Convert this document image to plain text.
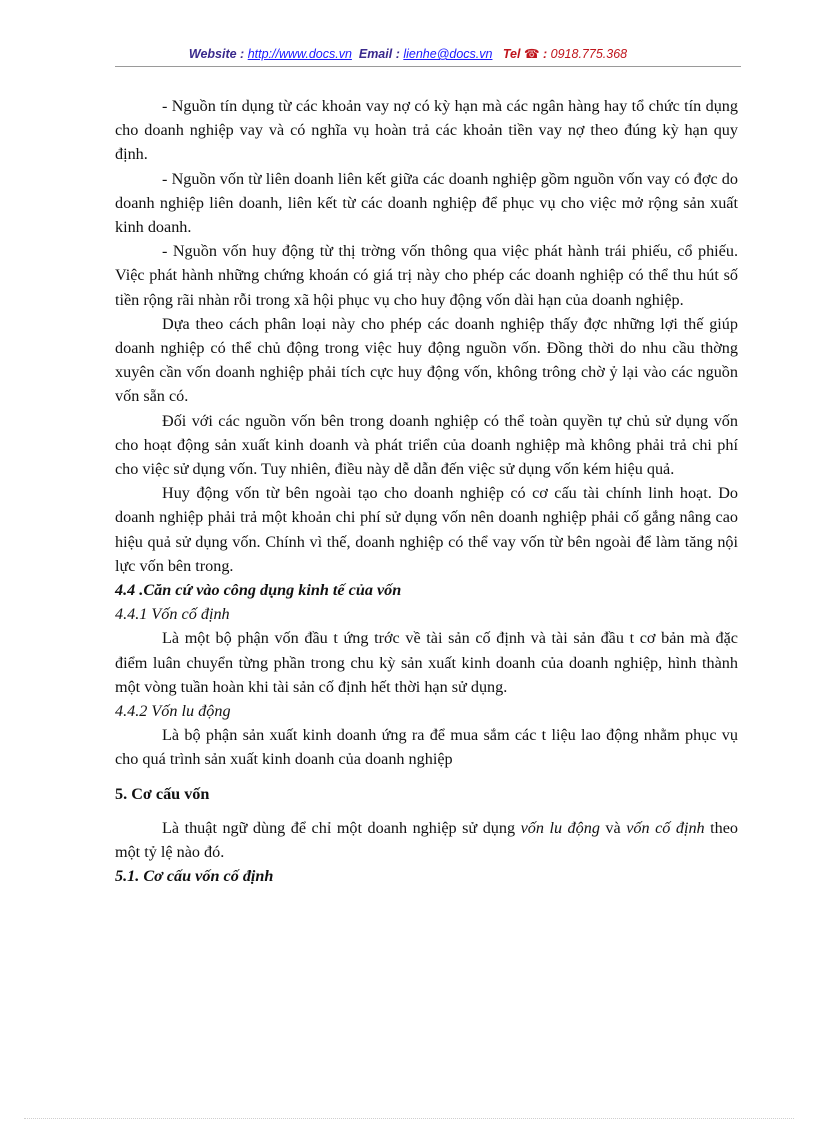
Website : http://www.docs.vn Email : lienhe@docs.vn Tel ☎ : 0918.775.368

- Nguồn tín dụng từ các khoản vay nợ có kỳ hạn mà các ngân hàng hay tổ chức tín dụng cho doanh nghiệp vay và có nghĩa vụ hoàn trả các khoản tiền vay nợ theo đúng kỳ hạn quy định.

- Nguồn vốn từ liên doanh liên kết giữa các doanh nghiệp gồm nguồn vốn vay có đợc do doanh nghiệp liên doanh, liên kết từ các doanh nghiệp để phục vụ cho việc mở rộng sản xuất kinh doanh.

- Nguồn vốn huy động từ thị trờng vốn thông qua việc phát hành trái phiếu, cổ phiếu. Việc phát hành những chứng khoán có giá trị này cho phép các doanh nghiệp có thể thu hút số tiền rộng rãi nhàn rỗi trong xã hội phục vụ cho huy động vốn dài hạn của doanh nghiệp.

Dựa theo cách phân loại này cho phép các doanh nghiệp thấy đợc những lợi thế giúp doanh nghiệp có thể chủ động trong việc huy động nguồn vốn. Đồng thời do nhu cầu thờng xuyên cần vốn doanh nghiệp phải tích cực huy động vốn, không trông chờ ỷ lại vào các nguồn vốn sẵn có.

Đối với các nguồn vốn bên trong doanh nghiệp có thể toàn quyền tự chủ sử dụng vốn cho hoạt động sản xuất kinh doanh và phát triển của doanh nghiệp mà không phải trả chi phí cho việc sử dụng vốn. Tuy nhiên, điều này dễ dẫn đến việc sử dụng vốn kém hiệu quả.

Huy động vốn từ bên ngoài tạo cho doanh nghiệp có cơ cấu tài chính linh hoạt. Do doanh nghiệp phải trả một khoản chi phí sử dụng vốn nên doanh nghiệp phải cố gắng nâng cao hiệu quả sử dụng vốn. Chính vì thế, doanh nghiệp có thể vay vốn từ bên ngoài để làm tăng nội lực vốn bên trong.

4.4 .Căn cứ vào công dụng kinh tế của vốn
4.4.1 Vốn cố định

Là một bộ phận vốn đầu t ứng trớc về tài sản cố định và tài sản đầu t cơ bản mà đặc điểm luân chuyển từng phần trong chu kỳ sản xuất kinh doanh của doanh nghiệp, hình thành một vòng tuần hoàn khi tài sản cố định hết thời hạn sử dụng.

4.4.2 Vốn lu động

Là bộ phận sản xuất kinh doanh ứng ra để mua sắm các t liệu lao động nhằm phục vụ cho quá trình sản xuất kinh doanh của doanh nghiệp

5. Cơ cấu vốn

Là thuật ngữ dùng để chỉ một doanh nghiệp sử dụng vốn lu động và vốn cố định theo một tỷ lệ nào đó.

5.1. Cơ cấu vốn cố định
